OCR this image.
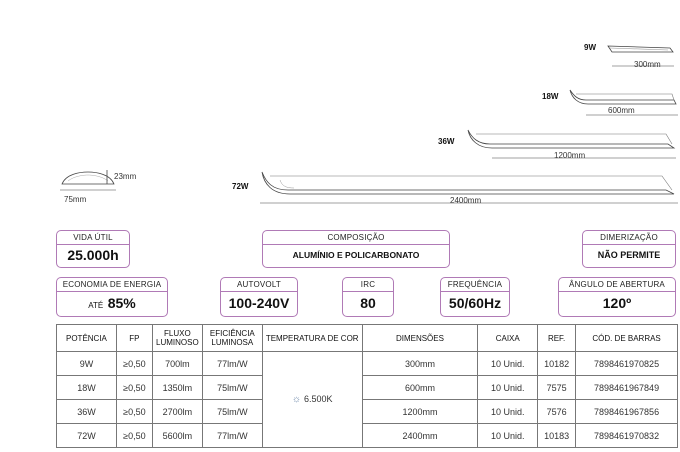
9W
300mm
18W
600mm
36W
1200mm
72W
2400mm
23mm
75mm
VIDA ÚTIL
25.000h
COMPOSIÇÃO
ALUMÍNIO E POLICARBONATO
DIMERIZAÇÃO
NÃO PERMITE
ECONOMIA DE ENERGIA
ATÉ 85%
AUTOVOLT
100-240V
IRC
80
FREQUÊNCIA
50/60Hz
ÂNGULO DE ABERTURA
120º
POTÊNCIA	FP	FLUXO LUMINOSO	EFICIÊNCIA LUMINOSA	TEMPERATURA DE COR	DIMENSÕES	CAIXA	REF.	CÓD. DE BARRAS
9W	≥0,50	700lm	77lm/W	☼ 6.500K	300mm	10 Unid.	10182	7898461970825
18W	≥0,50	1350lm	75lm/W		600mm	10 Unid.	7575	7898461967849
36W	≥0,50	2700lm	75lm/W		1200mm	10 Unid.	7576	7898461967856
72W	≥0,50	5600lm	77lm/W		2400mm	10 Unid.	10183	7898461970832
